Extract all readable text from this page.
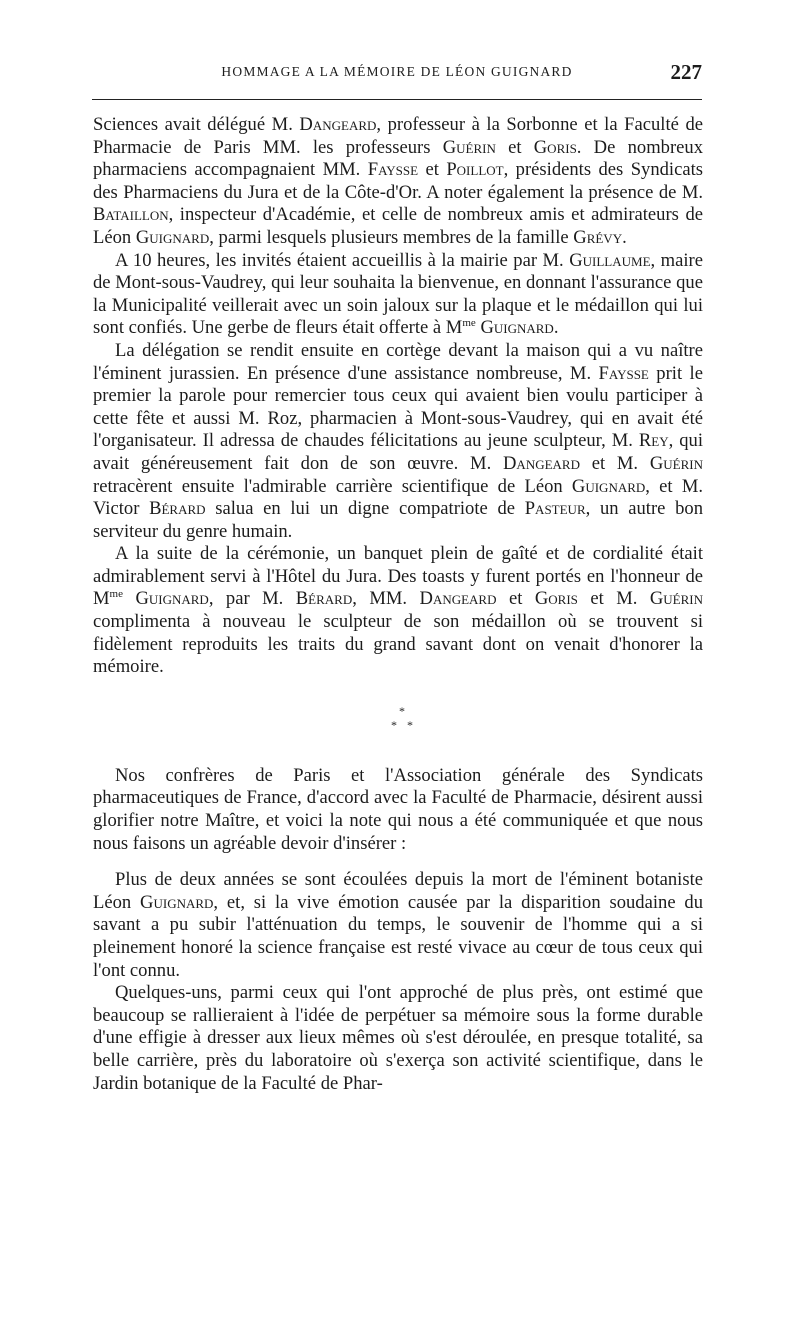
HOMMAGE A LA MÉMOIRE DE LÉON GUIGNARD	227

Sciences avait délégué M. Dangeard, professeur à la Sorbonne et la Faculté de Pharmacie de Paris MM. les professeurs Guérin et Goris. De nombreux pharmaciens accompagnaient MM. Faysse et Poillot, présidents des Syndicats des Pharmaciens du Jura et de la Côte-d'Or. A noter également la présence de M. Bataillon, inspecteur d'Académie, et celle de nombreux amis et admirateurs de Léon Guignard, parmi lesquels plusieurs membres de la famille Grévy.

A 10 heures, les invités étaient accueillis à la mairie par M. Guillaume, maire de Mont-sous-Vaudrey, qui leur souhaita la bienvenue, en donnant l'assurance que la Municipalité veillerait avec un soin jaloux sur la plaque et le médaillon qui lui sont confiés. Une gerbe de fleurs était offerte à $M^{me}$ Guignard.

La délégation se rendit ensuite en cortège devant la maison qui a vu naître l'éminent jurassien. En présence d'une assistance nombreuse, M. Faysse prit le premier la parole pour remercier tous ceux qui avaient bien voulu participer à cette fête et aussi M. Roz, pharmacien à Mont-sous-Vaudrey, qui en avait été l'organisateur. Il adressa de chaudes félicitations au jeune sculpteur, M. Rey, qui avait généreusement fait don de son œuvre. M. Dangeard et M. Guérin retracèrent ensuite l'admirable carrière scientifique de Léon Guignard, et M. Victor Bérard salua en lui un digne compatriote de Pasteur, un autre bon serviteur du genre humain.

A la suite de la cérémonie, un banquet plein de gaîté et de cordialité était admirablement servi à l'Hôtel du Jura. Des toasts y furent portés en l'honneur de $M^{me}$ Guignard, par M. Bérard, MM. Dangeard et Goris et M. Guérin complimenta à nouveau le sculpteur de son médaillon où se trouvent si fidèlement reproduits les traits du grand savant dont on venait d'honorer la mémoire.

*
* *

Nos confrères de Paris et l'Association générale des Syndicats pharmaceutiques de France, d'accord avec la Faculté de Pharmacie, désirent aussi glorifier notre Maître, et voici la note qui nous a été communiquée et que nous nous faisons un agréable devoir d'insérer :

Plus de deux années se sont écoulées depuis la mort de l'éminent botaniste Léon Guignard, et, si la vive émotion causée par la disparition soudaine du savant a pu subir l'atténuation du temps, le souvenir de l'homme qui a si pleinement honoré la science française est resté vivace au cœur de tous ceux qui l'ont connu.

Quelques-uns, parmi ceux qui l'ont approché de plus près, ont estimé que beaucoup se rallieraient à l'idée de perpétuer sa mémoire sous la forme durable d'une effigie à dresser aux lieux mêmes où s'est déroulée, en presque totalité, sa belle carrière, près du laboratoire où s'exerça son activité scientifique, dans le Jardin botanique de la Faculté de Phar-
